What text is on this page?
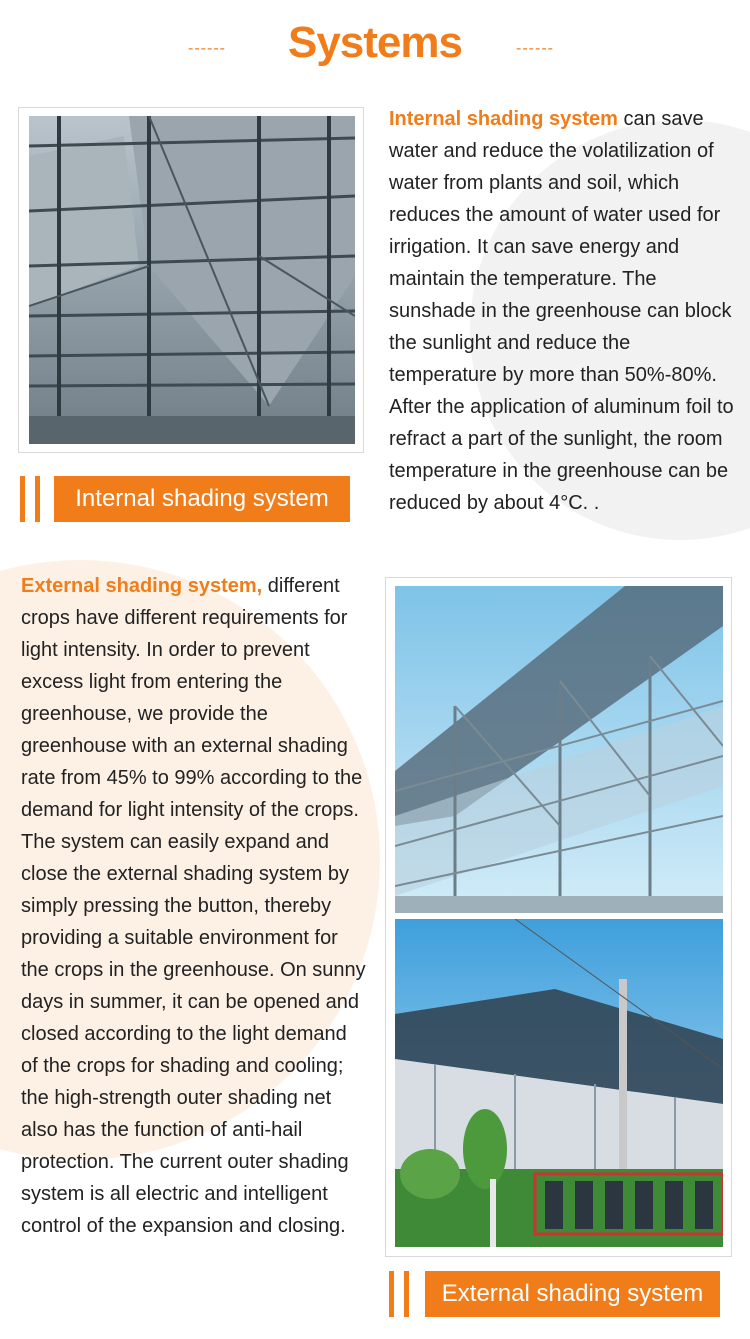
------	Systems	------
Internal shading system

Internal shading system can save water and reduce the volatilization of water from plants and soil, which reduces the amount of water used for irrigation. It can save energy and maintain the temperature. The sunshade in the greenhouse can block the sunlight and reduce the temperature by more than 50%-80%. After the application of aluminum foil to refract a part of the sunlight, the room temperature in the greenhouse can be reduced by about 4°C. .

External shading system, different crops have different requirements for light intensity. In order to prevent excess light from entering the greenhouse, we provide the greenhouse with an external shading rate from 45% to 99% according to the demand for light intensity of the crops. The system can easily expand and close the external shading system by simply pressing the button, thereby providing a suitable environment for the crops in the greenhouse. On sunny days in summer, it can be opened and closed according to the light demand of the crops for shading and cooling; the high-strength outer shading net also has the function of anti-hail protection. The current outer shading system is all electric and intelligent control of the expansion and closing.

External shading system
